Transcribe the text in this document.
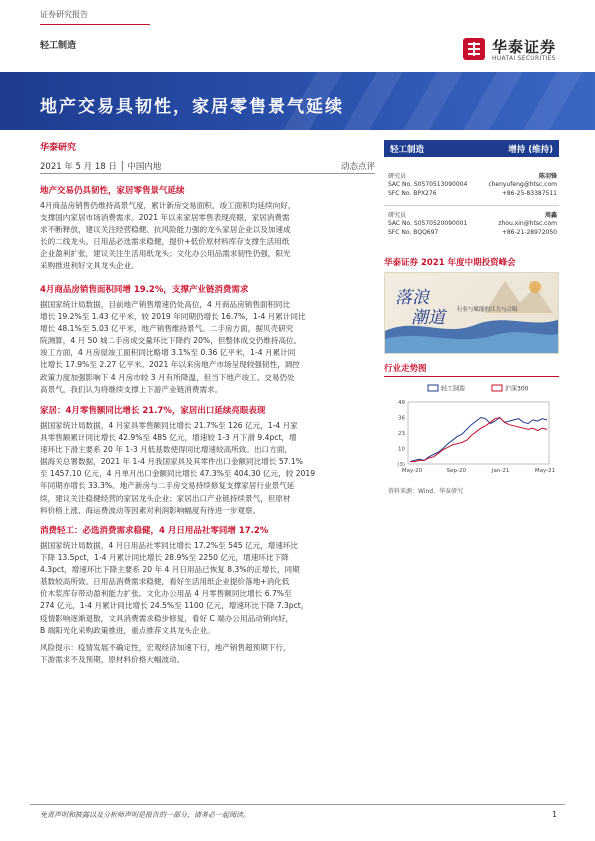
证券研究报告
轻工制造	华泰证券
HUATAI SECURITIES
地产交易具韧性，家居零售景气延续
华泰研究
2021 年 5 月 18 日 │ 中国内地	动态点评
地产交易仍具韧性，家居零售景气延续
4月商品房销售仍维持高景气度，累计新房交易面积、竣工面积均延续向好，
支撑国内家居市场消费需求。2021 年以来家居零售表现亮眼，家居消费需
求不断释放，建议关注经营稳健、抗风险能力强的龙头家居企业以及加速成
长的二线龙头。日用品必选需求稳健，提价+低价原材料库存支撑生活用纸
企业盈利扩张，建议关注生活用纸龙头；文化办公用品需求韧性仍强，阳光
采购推进利好文具龙头企业。
4月商品房销售面积同增 19.2%，支撑产业链消费需求
据国家统计局数据，目前地产销售增速仍处高位，4 月商品房销售面积同比
增长 19.2%至 1.43 亿平米，较 2019 年同期仍增长 16.7%，1-4 月累计同比
增长 48.1%至 5.03 亿平米，地产销售维持景气。二手房方面，据贝壳研究
院测算，4 月 50 城二手房成交量环比下降约 20%，但整体成交仍维持高位。
竣工方面，4 月房屋竣工面积同比略增 3.1%至 0.36 亿平米，1-4 月累计同
比增长 17.9%至 2.27 亿平米。2021 年以来房地产市场呈现较强韧性，调控
政策力度加强影响下 4 月房市较 3 月有所降温，但当下地产竣工、交易仍处
高景气，我们认为将继续支撑上下游产业链消费需求。
家居：4月零售额同比增长 21.7%，家居出口延续亮眼表现
据国家统计局数据，4 月家具零售额同比增长 21.7%至 126 亿元，1-4 月家
具零售额累计同比增长 42.9%至 485 亿元，增速较 1-3 月下滑 9.4pct，增
速环比下滑主要系 20 年 1-3 月低基数使得同比增速较高所致。出口方面，
据海关总署数据，2021 年 1-4 月我国家具及其零件出口金额同比增长 57.1%
至 1457.10 亿元，4 月单月出口金额同比增长 47.3%至 404.30 亿元，较 2019
年同期亦增长 33.3%。地产新房与二手房交易持续修复支撑家居行业景气延
续，建议关注稳健经营的家居龙头企业；家居出口产业链持续景气，但原材
料价格上涨、海运费波动等因素对利润影响幅度有待进一步观察。
消费轻工：必选消费需求稳健，4 月日用品社零同增 17.2%
据国家统计局数据，4 月日用品社零同比增长 17.2%至 545 亿元，增速环比
下降 13.5pct，1-4 月累计同比增长 28.9%至 2250 亿元，增速环比下降
4.3pct，增速环比下降主要系 20 年 4 月日用品已恢复 8.3%的正增长，同期
基数较高所致。日用品消费需求稳健，看好生活用纸企业提价落地+消化低
价木浆库存带动盈利能力扩张。文化办公用品 4 月零售额同比增长 6.7%至
274 亿元，1-4 月累计同比增长 24.5%至 1100 亿元，增速环比下降 7.3pct，
疫情影响逐渐退散，文具消费需求稳步修复，看好 C 端办公用品动销向好，
B 端阳光化采购政策推进，重点推荐文具龙头企业。
风险提示：疫情发展不确定性，宏观经济加速下行，地产销售超预期下行，
下游需求不及预期，原材料价格大幅波动。
轻工制造	增持 (维持)
研究员	陈羽锋
SAC No. S0570513090004	chenyufeng@htsc.com
SFC No. BPX276	+86-25-83387511
研究员	周鑫
SAC No. S0570520090001	zhou.xin@htsc.com
SFC No. BQQ697	+86-21-28972050
华泰证券 2021 年度中期投资峰会
落浪
潮道	行业与赋能的江力与合唱
行业走势图
49
36
23
10
(3)
May-20	Sep-20	Jan-21	May-21
轻工制造	沪深300
资料来源：Wind，华泰研究
免责声明和披露以及分析师声明是报告的一部分，请务必一起阅读。	1
